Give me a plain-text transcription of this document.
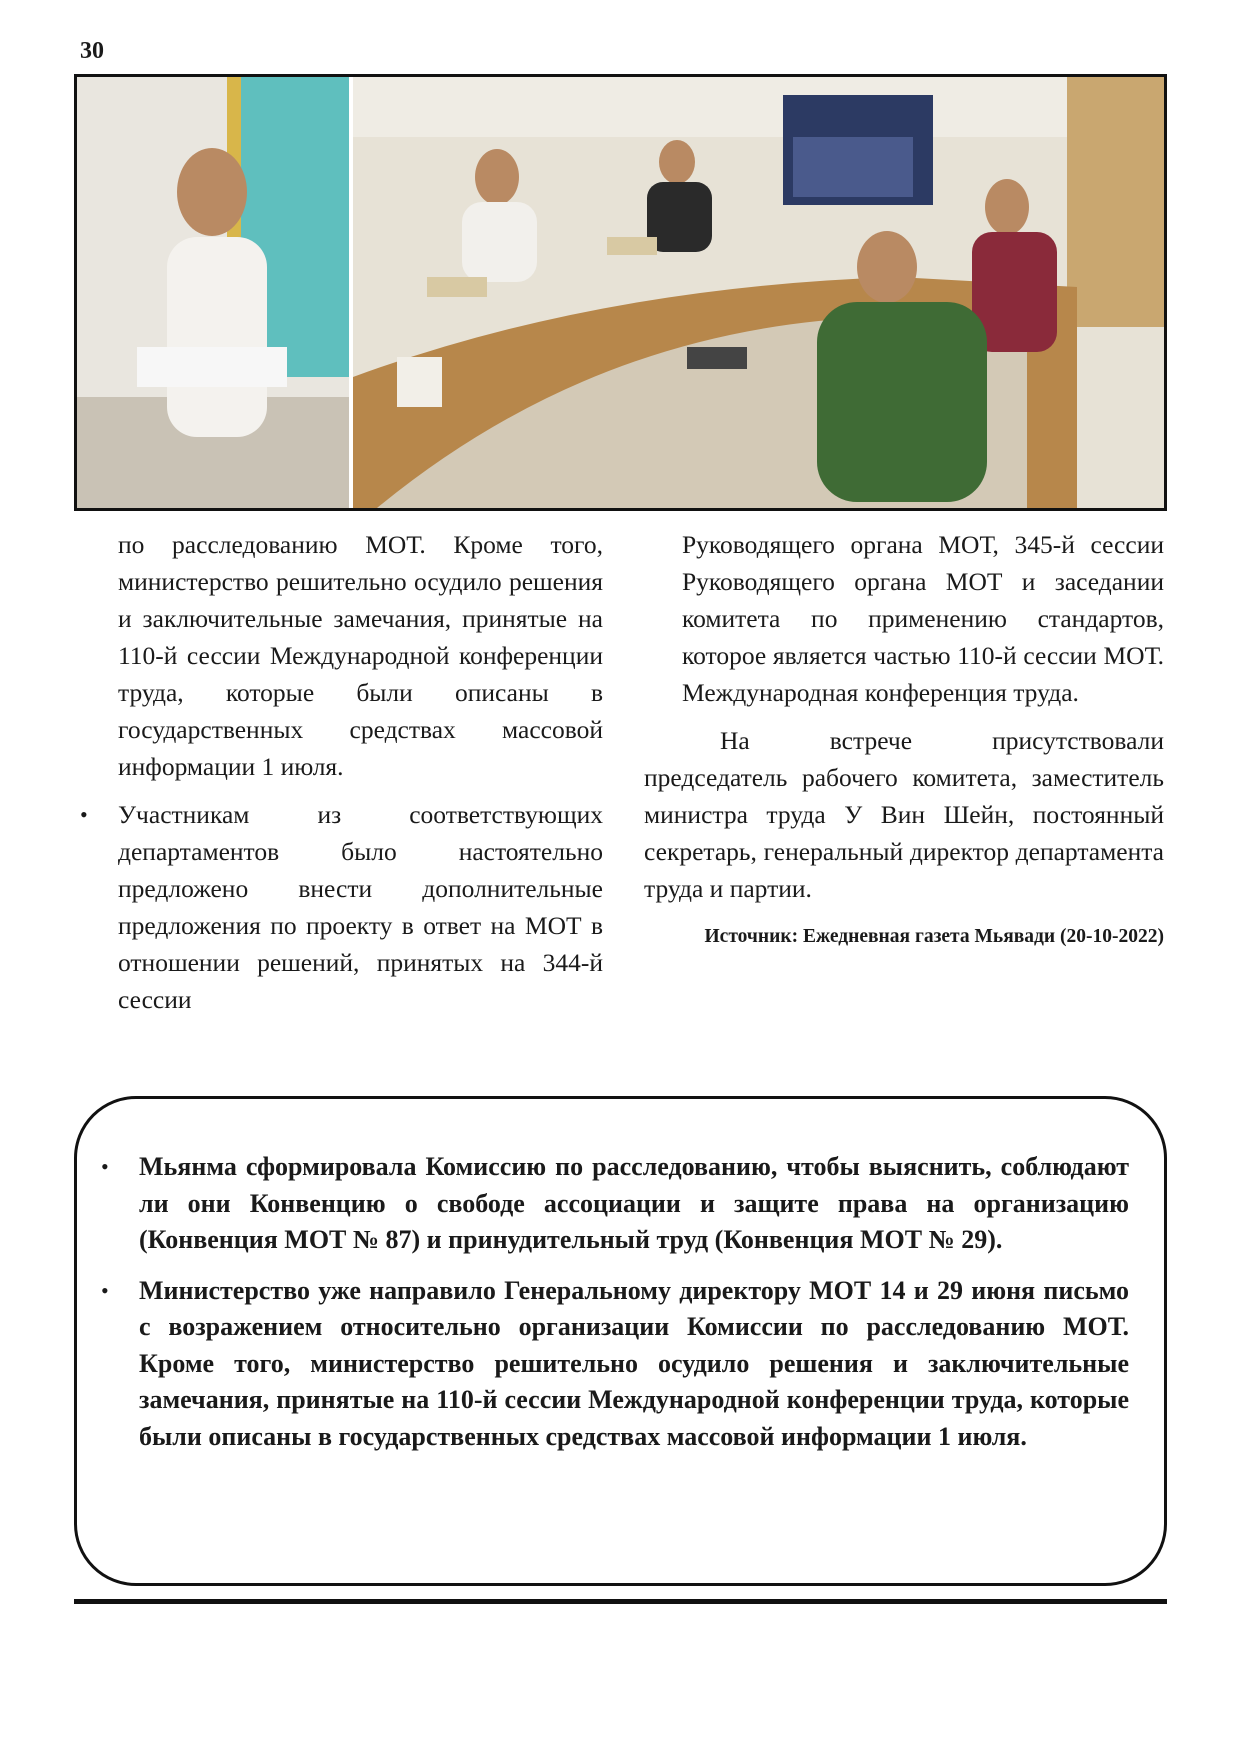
30

по расследованию МОТ. Кроме того, министерство решительно осудило решения и заключительные замечания, принятые на 110-й сессии Международной конференции труда, которые были описаны в государственных средствах массовой информации 1 июля.

• Участникам из соответствующих департаментов было настоятельно предложено внести дополнительные предложения по проекту в ответ на МОТ в отношении решений, принятых на 344-й сессии

Руководящего органа МОТ, 345-й сессии Руководящего органа МОТ и заседании комитета по применению стандартов, которое является частью 110-й сессии МОТ. Международная конференция труда.

На встрече присутствовали председатель рабочего комитета, заместитель министра труда У Вин Шейн, постоянный секретарь, генеральный директор департамента труда и партии.

Источник: Ежедневная газета Мьявади (20-10-2022)
• Мьянма сформировала Комиссию по расследованию, чтобы выяснить, соблюдают ли они Конвенцию о свободе ассоциации и защите права на организацию (Конвенция МОТ № 87) и принудительный труд (Конвенция МОТ № 29).
• Министерство уже направило Генеральному директору МОТ 14 и 29 июня письмо с возражением относительно организации Комиссии по расследованию МОТ. Кроме того, министерство решительно осудило решения и заключительные замечания, принятые на 110-й сессии Международной конференции труда, которые были описаны в государственных средствах массовой информации 1 июля.
